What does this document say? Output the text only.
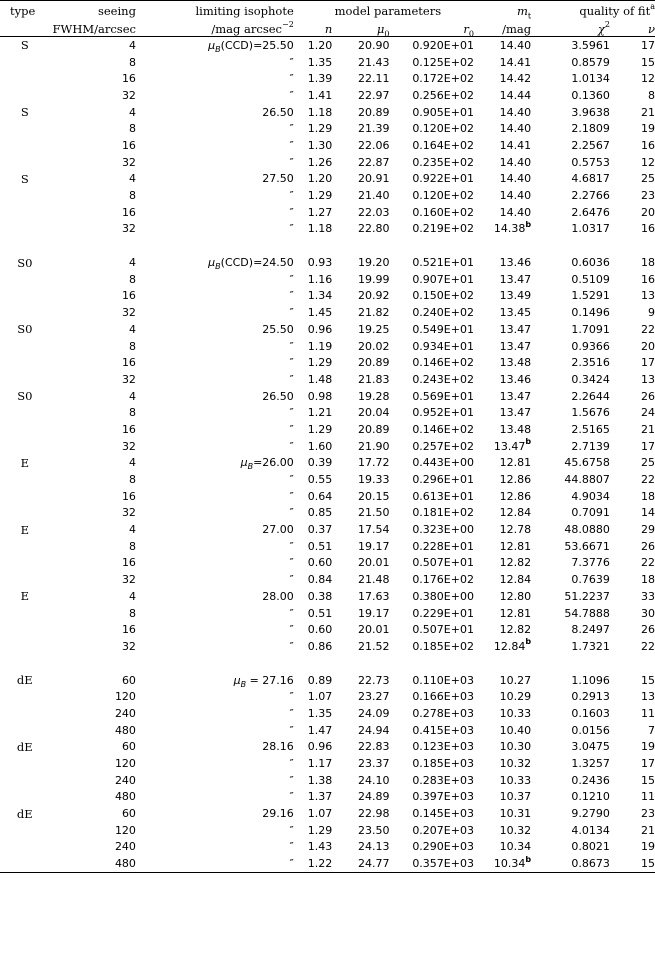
type	seeing	limiting isophote	model parameters			$m_t$	quality of fit$^a$
	FWHM/arcsec	/mag arcsec$^{-2}$	n	$\mu_0$	$r_0$	/mag	$\chi^2$	ν
S	4	$\mu_B(CCD)=25.50$	1.20	20.90	0.920E+01	14.40	3.5961	17
	8	″	1.35	21.43	0.125E+02	14.41	0.8579	15
	16	″	1.39	22.11	0.172E+02	14.42	1.0134	12
	32	″	1.41	22.97	0.256E+02	14.44	0.1360	8
S	4	26.50	1.18	20.89	0.905E+01	14.40	3.9638	21
	8	″	1.29	21.39	0.120E+02	14.40	2.1809	19
	16	″	1.30	22.06	0.164E+02	14.41	2.2567	16
	32	″	1.26	22.87	0.235E+02	14.40	0.5753	12
S	4	27.50	1.20	20.91	0.922E+01	14.40	4.6817	25
	8	″	1.29	21.40	0.120E+02	14.40	2.2766	23
	16	″	1.27	22.03	0.160E+02	14.40	2.6476	20
	32	″	1.18	22.80	0.219E+02	14.38$^b$	1.0317	16

S0	4	$\mu_B(CCD)=24.50$	0.93	19.20	0.521E+01	13.46	0.6036	18
	8	″	1.16	19.99	0.907E+01	13.47	0.5109	16
	16	″	1.34	20.92	0.150E+02	13.49	1.5291	13
	32	″	1.45	21.82	0.240E+02	13.45	0.1496	9
S0	4	25.50	0.96	19.25	0.549E+01	13.47	1.7091	22
	8	″	1.19	20.02	0.934E+01	13.47	0.9366	20
	16	″	1.29	20.89	0.146E+02	13.48	2.3516	17
	32	″	1.48	21.83	0.243E+02	13.46	0.3424	13
S0	4	26.50	0.98	19.28	0.569E+01	13.47	2.2644	26
	8	″	1.21	20.04	0.952E+01	13.47	1.5676	24
	16	″	1.29	20.89	0.146E+02	13.48	2.5165	21
	32	″	1.60	21.90	0.257E+02	13.47$^b$	2.7139	17
E	4	$\mu_B=26.00$	0.39	17.72	0.443E+00	12.81	45.6758	25
	8	″	0.55	19.33	0.296E+01	12.86	44.8807	22
	16	″	0.64	20.15	0.613E+01	12.86	4.9034	18
	32	″	0.85	21.50	0.181E+02	12.84	0.7091	14
E	4	27.00	0.37	17.54	0.323E+00	12.78	48.0880	29
	8	″	0.51	19.17	0.228E+01	12.81	53.6671	26
	16	″	0.60	20.01	0.507E+01	12.82	7.3776	22
	32	″	0.84	21.48	0.176E+02	12.84	0.7639	18
E	4	28.00	0.38	17.63	0.380E+00	12.80	51.2237	33
	8	″	0.51	19.17	0.229E+01	12.81	54.7888	30
	16	″	0.60	20.01	0.507E+01	12.82	8.2497	26
	32	″	0.86	21.52	0.185E+02	12.84$^b$	1.7321	22

dE	60	$\mu_B = 27.16$	0.89	22.73	0.110E+03	10.27	1.1096	15
	120	″	1.07	23.27	0.166E+03	10.29	0.2913	13
	240	″	1.35	24.09	0.278E+03	10.33	0.1603	11
	480	″	1.47	24.94	0.415E+03	10.40	0.0156	7
dE	60	28.16	0.96	22.83	0.123E+03	10.30	3.0475	19
	120	″	1.17	23.37	0.185E+03	10.32	1.3257	17
	240	″	1.38	24.10	0.283E+03	10.33	0.2436	15
	480	″	1.37	24.89	0.397E+03	10.37	0.1210	11
dE	60	29.16	1.07	22.98	0.145E+03	10.31	9.2790	23
	120	″	1.29	23.50	0.207E+03	10.32	4.0134	21
	240	″	1.43	24.13	0.290E+03	10.34	0.8021	19
	480	″	1.22	24.77	0.357E+03	10.34$^b$	0.8673	15
